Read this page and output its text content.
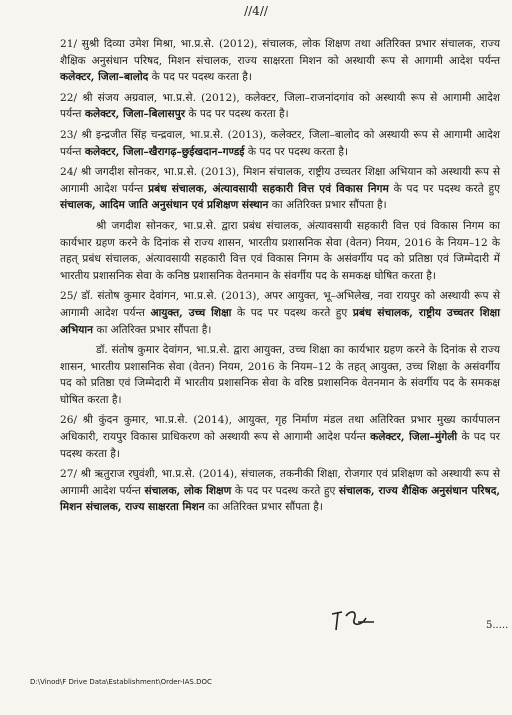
//4//

21/ सुश्री दिव्या उमेश मिश्रा, भा.प्र.से. (2012), संचालक, लोक शिक्षण तथा अतिरिक्त प्रभार संचालक, राज्य शैक्षिक अनुसंधान परिषद, मिशन संचालक, राज्य साक्षरता मिशन को अस्थायी रूप से आगामी आदेश पर्यन्त कलेक्टर, जिला–बालोद के पद पर पदस्थ करता है।

22/ श्री संजय अग्रवाल, भा.प्र.से. (2012), कलेक्टर, जिला–राजनांदगांव को अस्थायी रूप से आगामी आदेश पर्यन्त कलेक्टर, जिला–बिलासपुर के पद पर पदस्थ करता है।

23/ श्री इन्द्रजीत सिंह चन्द्रवाल, भा.प्र.से. (2013), कलेक्टर, जिला–बालोद को अस्थायी रूप से आगामी आदेश पर्यन्त कलेक्टर, जिला–खैरागढ़–छुईखदान–गण्डई के पद पर पदस्थ करता है।

24/ श्री जगदीश सोनकर, भा.प्र.से. (2013), मिशन संचालक, राष्ट्रीय उच्चतर शिक्षा अभियान को अस्थायी रूप से आगामी आदेश पर्यन्त प्रबंध संचालक, अंत्यावसायी सहकारी वित्त एवं विकास निगम के पद पर पदस्थ करते हुए संचालक, आदिम जाति अनुसंधान एवं प्रशिक्षण संस्थान का अतिरिक्त प्रभार सौंपता है।

श्री जगदीश सोनकर, भा.प्र.से. द्वारा प्रबंध संचालक, अंत्यावसायी सहकारी वित्त एवं विकास निगम का कार्यभार ग्रहण करने के दिनांक से राज्य शासन, भारतीय प्रशासनिक सेवा (वेतन) नियम, 2016 के नियम–12 के तहत् प्रबंध संचालक, अंत्यावसायी सहकारी वित्त एवं विकास निगम के असंवर्गीय पद को प्रतिष्ठा एवं जिम्मेदारी में भारतीय प्रशासनिक सेवा के कनिष्ठ प्रशासनिक वेतनमान के संवर्गीय पद के समकक्ष घोषित करता है।

25/ डॉ. संतोष कुमार देवांगन, भा.प्र.से. (2013), अपर आयुक्त, भू–अभिलेख, नवा रायपुर को अस्थायी रूप से आगामी आदेश पर्यन्त आयुक्त, उच्च शिक्षा के पद पर पदस्थ करते हुए प्रबंध संचालक, राष्ट्रीय उच्चतर शिक्षा अभियान का अतिरिक्त प्रभार सौंपता है।

डॉ. संतोष कुमार देवांगन, भा.प्र.से. द्वारा आयुक्त, उच्च शिक्षा का कार्यभार ग्रहण करने के दिनांक से राज्य शासन, भारतीय प्रशासनिक सेवा (वेतन) नियम, 2016 के नियम–12 के तहत् आयुक्त, उच्च शिक्षा के असंवर्गीय पद को प्रतिष्ठा एवं जिम्मेदारी में भारतीय प्रशासनिक सेवा के वरिष्ठ प्रशासनिक वेतनमान के संवर्गीय पद के समकक्ष घोषित करता है।

26/ श्री कुंदन कुमार, भा.प्र.से. (2014), आयुक्त, गृह निर्माण मंडल तथा अतिरिक्त प्रभार मुख्य कार्यपालन अधिकारी, रायपुर विकास प्राधिकरण को अस्थायी रूप से आगामी आदेश पर्यन्त कलेक्टर, जिला–मुंगेली के पद पर पदस्थ करता है।

27/ श्री ऋतुराज रघुवंशी, भा.प्र.से. (2014), संचालक, तकनीकी शिक्षा, रोजगार एवं प्रशिक्षण को अस्थायी रूप से आगामी आदेश पर्यन्त संचालक, लोक शिक्षण के पद पर पदस्थ करते हुए संचालक, राज्य शैक्षिक अनुसंधान परिषद, मिशन संचालक, राज्य साक्षरता मिशन का अतिरिक्त प्रभार सौंपता है।

5.....
D:\Vinod\F Drive Data\Establishment\Order-IAS.DOC
